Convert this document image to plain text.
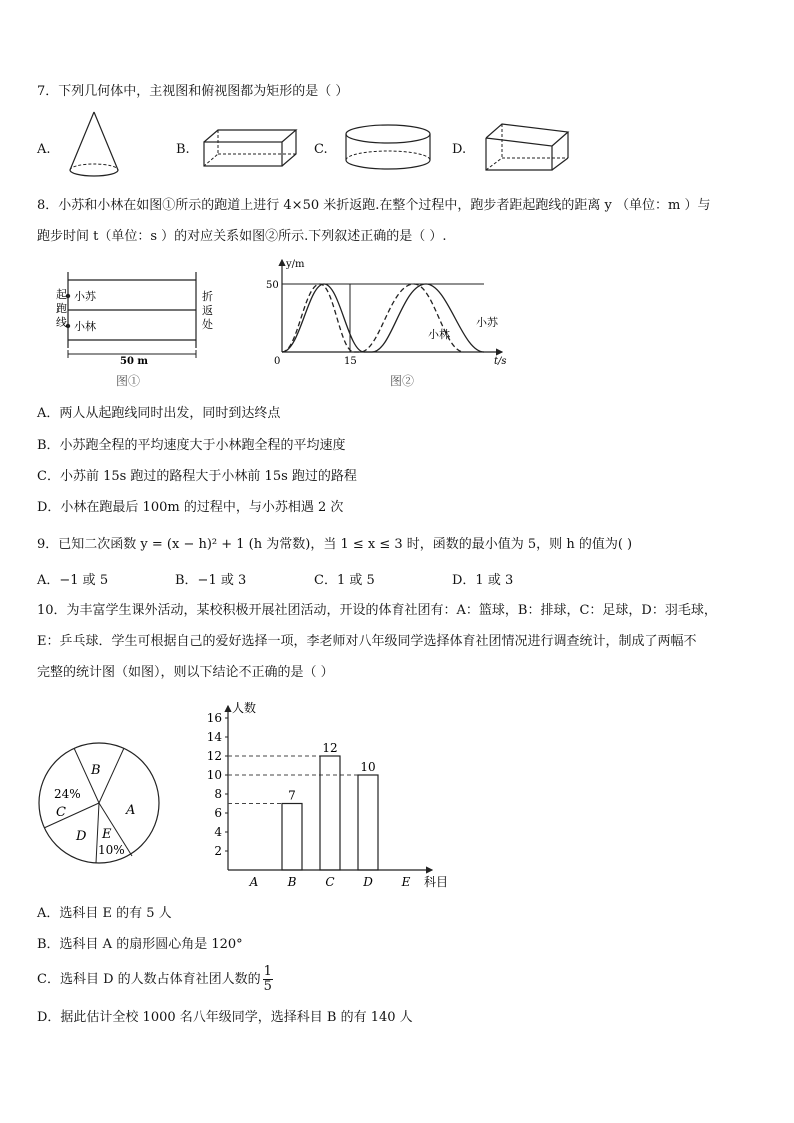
7．下列几何体中，主视图和俯视图都为矩形的是（ ）
A.	B.	C.	D.
8．小苏和小林在如图①所示的跑道上进行 4×50 米折返跑.在整个过程中，跑步者距起跑线的距离 y （单位：m ）与
跑步时间 t（单位：s ）的对应关系如图②所示.下列叙述正确的是（ ）.
起
跑
线
折
返
处
小苏
小林
50 m
图①
y/m
t/s
50
15
0
小林
小苏
图②
A．两人从起跑线同时出发，同时到达终点
B．小苏跑全程的平均速度大于小林跑全程的平均速度
C．小苏前 15s 跑过的路程大于小林前 15s 跑过的路程
D．小林在跑最后 100m 的过程中，与小苏相遇 2 次
9．已知二次函数 y = (x − h)² + 1 (h 为常数)，当 1 ≤ x ≤ 3 时，函数的最小值为 5，则 h 的值为( )
A．−1 或 5	B．−1 或 3	C．1 或 5	D．1 或 3
10．为丰富学生课外活动，某校积极开展社团活动，开设的体育社团有：A：篮球，B：排球，C：足球，D：羽毛球，
E：乒乓球．学生可根据自己的爱好选择一项，李老师对八年级同学选择体育社团情况进行调查统计，制成了两幅不
完整的统计图（如图），则以下结论不正确的是（ ）
B
A
24%
C
D E
10%
人数
科目
2
4
6
8
10
12
14
16
A B C D E
7
12
10
A．选科目 E 的有 5 人
B．选科目 A 的扇形圆心角是 120°
C．选科目 D 的人数占体育社团人数的 $\frac{1}{5}$
D．据此估计全校 1000 名八年级同学，选择科目 B 的有 140 人
